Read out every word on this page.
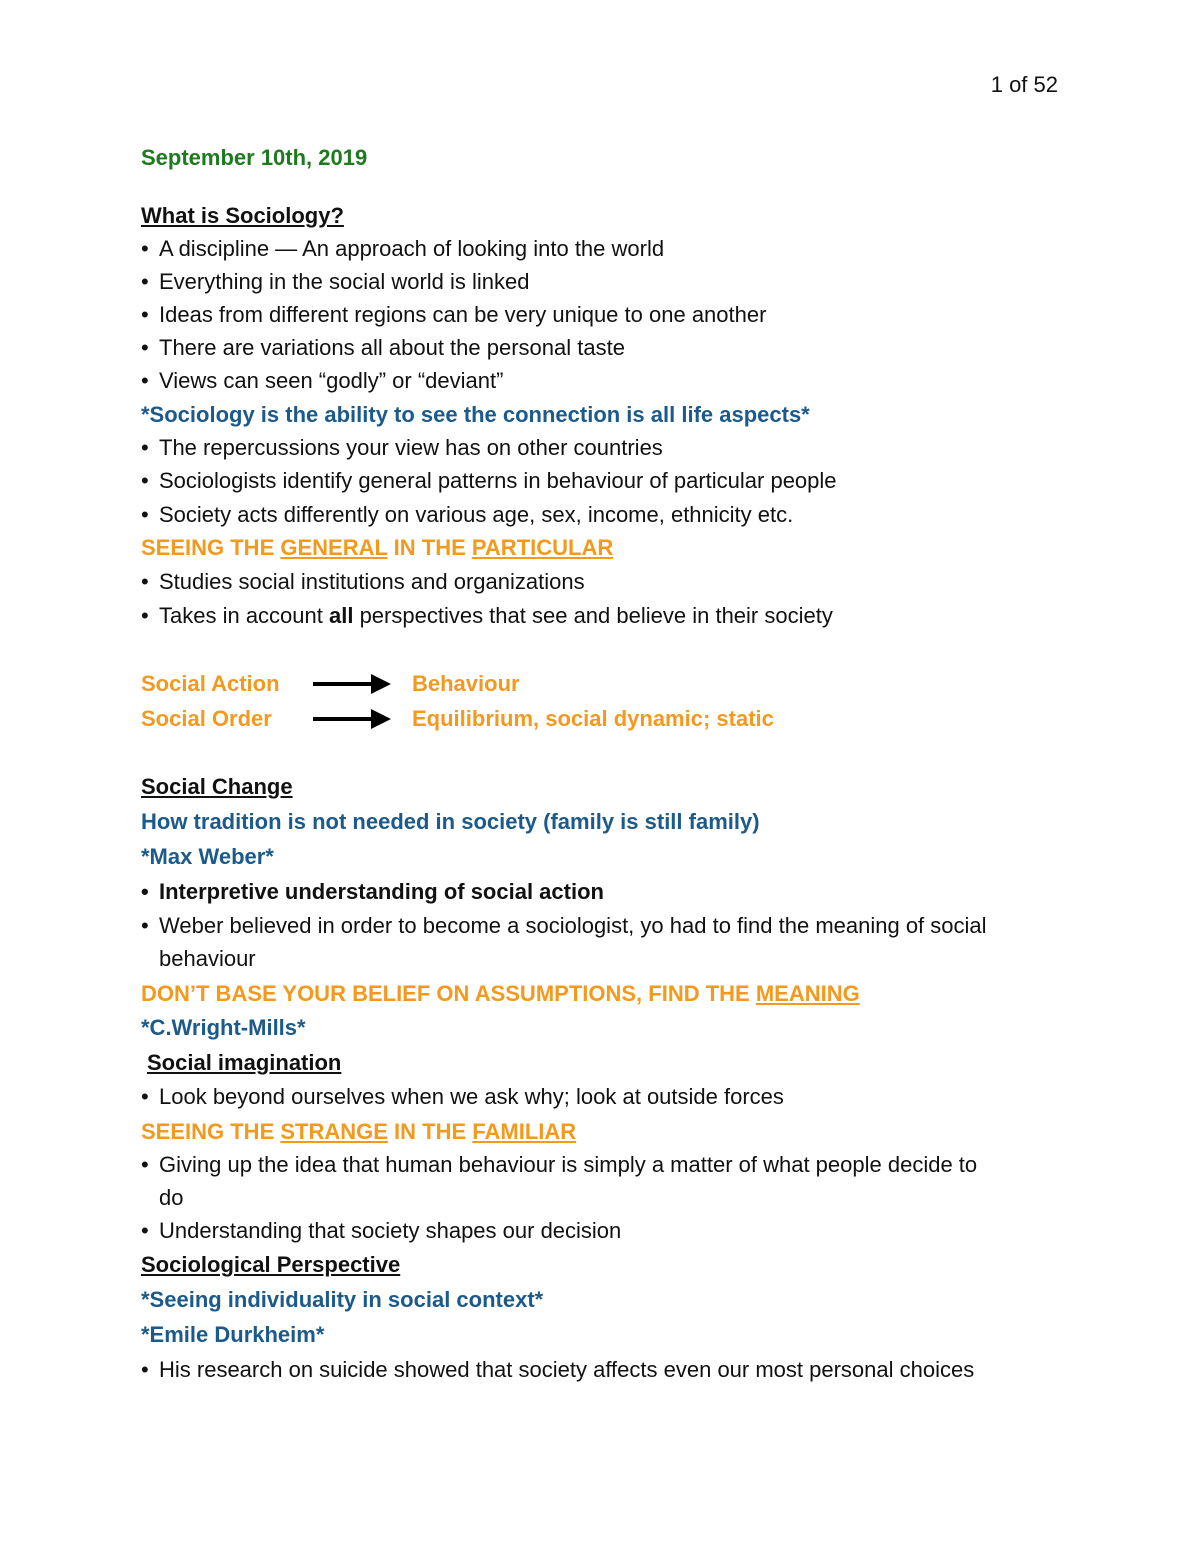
1 of 52
September 10th, 2019
What is Sociology?
• A discipline — An approach of looking into the world
• Everything in the social world is linked
• Ideas from different regions can be very unique to one another
• There are variations all about the personal taste
• Views can seen “godly” or “deviant”
*Sociology is the ability to see the connection is all life aspects*
• The repercussions your view has on other countries
• Sociologists identify general patterns in behaviour of particular people
• Society acts differently on various age, sex, income, ethnicity etc.
SEEING THE GENERAL IN THE PARTICULAR
• Studies social institutions and organizations
• Takes in account all perspectives that see and believe in their society
Social Action	Behaviour
Social Order	Equilibrium, social dynamic; static
Social Change
How tradition is not needed in society (family is still family)
*Max Weber*
• Interpretive understanding of social action
• Weber believed in order to become a sociologist, yo had to find the meaning of social
behaviour
DON’T BASE YOUR BELIEF ON ASSUMPTIONS, FIND THE MEANING
*C.Wright-Mills*
Social imagination
• Look beyond ourselves when we ask why; look at outside forces
SEEING THE STRANGE IN THE FAMILIAR
• Giving up the idea that human behaviour is simply a matter of what people decide to
do
• Understanding that society shapes our decision
Sociological Perspective
*Seeing individuality in social context*
*Emile Durkheim*
• His research on suicide showed that society affects even our most personal choices
